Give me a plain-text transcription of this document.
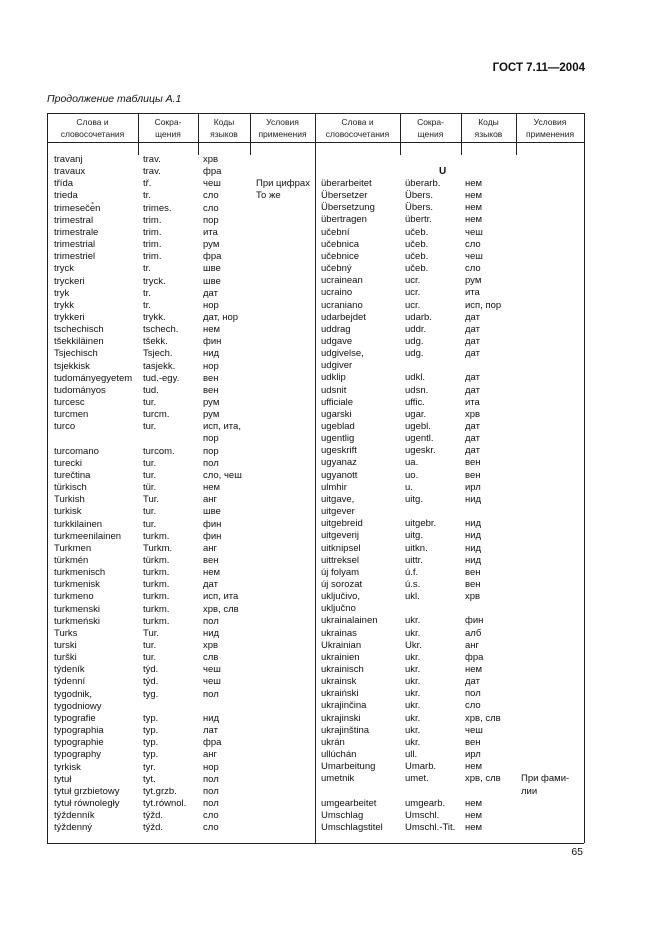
ГОСТ 7.11—2004
Продолжение таблицы А.1
Слова и
словосочетания
Сокра-
щения
Коды
языков
Условия
применения
Слова и
словосочетания
Сокра-
щения
Коды
языков
Условия
применения
U
travanj	trav.	хрв
travaux	trav.	фра
třída	tř.	чеш	При цифрах
trieda	tr.	сло	То же
trimeseče̊n	trimes.	сло
trimestral	trim.	пор
trimestrale	trim.	ита
trimestrial	trim.	рум
trimestriel	trim.	фра
tryck	tr.	шве
tryckeri	tryck.	шве
tryk	tr.	дат
trykk	tr.	нор
trykkeri	trykk.	дат, нор
tschechisch	tschech.	нем
tšekkiläinen	tšekk.	фин
Tsjechisch	Tsjech.	нид
tsjekkisk	tasjekk.	нор
tudományegyetem tud.-egy. вен
tudományos	tud.	вен
turcesc	tur.	рум
turcmen	turcm.	рум
turco	tur.	исп, ита,
пор
turcomano	turcom.	пор
turecki	tur.	пол
turečtina	tur.	сло, чеш
türkisch	tür.	нем
Turkish	Tur.	анг
turkisk	tur.	шве
turkkilainen	tur.	фин
turkmeenilainen turkm.	фин
Turkmen	Turkm.	анг
türkmén	türkm.	вен
turkmenisch	turkm.	нем
turkmenisk	turkm.	дат
turkmeno	turkm.	исп, ита
turkmenski	turkm.	хрв, слв
turkmeński	turkm.	пол
Turks	Tur.	нид
turski	tur.	хрв
turški	tur.	слв
týdeník	týd.	чеш
týdenní	týd.	чеш
tygodnik,	tyg.	пол
tygodniowy
typografie	typ.	нид
typographia	typ.	лат
typographie	typ.	фра
typography	typ.	анг
tyrkisk	tyr.	нор
tytuł	tyt.	пол
tytuł grzbietowy tyt.grzb.	пол
tytuł równoległy tyt.równol. пол
týždenník	týžd.	сло
týždenný	týžd.	сло
überarbeitet	überarb.	нем
Übersetzer	Übers.	нем
Übersetzung	Übers.	нем
übertragen	übertr.	нем
učební	učeb.	чеш
učebnica	učeb.	сло
učebnice	učeb.	чеш
učebný	učeb.	сло
ucrainean	ucr.	рум
ucraino	ucr.	ита
ucraniano	ucr.	исп, пор
udarbejdet	udarb.	дат
uddrag	uddr.	дат
udgave	udg.	дат
udgivelse,	udg.	дат
udgiver
udklip	udkl.	дат
udsnit	udsn.	дат
ufficiale	uffic.	ита
ugarski	ugar.	хрв
ugeblad	ugebl.	дат
ugentlig	ugentl.	дат
ugeskrift	ugeskr.	дат
ugyanaz	ua.	вен
ugyanott	uo.	вен
ulmhir	u.	ирл
uitgave,	uitg.	нид
uitgever
uitgebreid	uitgebr.	нид
uitgeverij	uitg.	нид
uitknipsel	uitkn.	нид
uittreksel	uittr.	нид
új folyam	ú.f.	вен
új sorozat	ú.s.	вен
uključivo,	ukl.	хрв
uključno
ukrainalainen	ukr.	фин
ukrainas	ukr.	алб
Ukrainian	Ukr.	анг
ukrainien	ukr.	фра
ukrainisch	ukr.	нем
ukrainsk	ukr.	дат
ukraiński	ukr.	пол
ukrajinčina	ukr.	сло
ukrajinski	ukr.	хрв, слв
ukrajinština	ukr.	чеш
ukrán	ukr.	вен
ullúchán	ull.	ирл
Umarbeitung	Umarb.	нем
umetnik	umet.	хрв, слв При фами-
лии
umgearbeitet	umgearb. нем
Umschlag	Umschl.	нем
Umschlagstitel Umschl.-Tit. нем
65
